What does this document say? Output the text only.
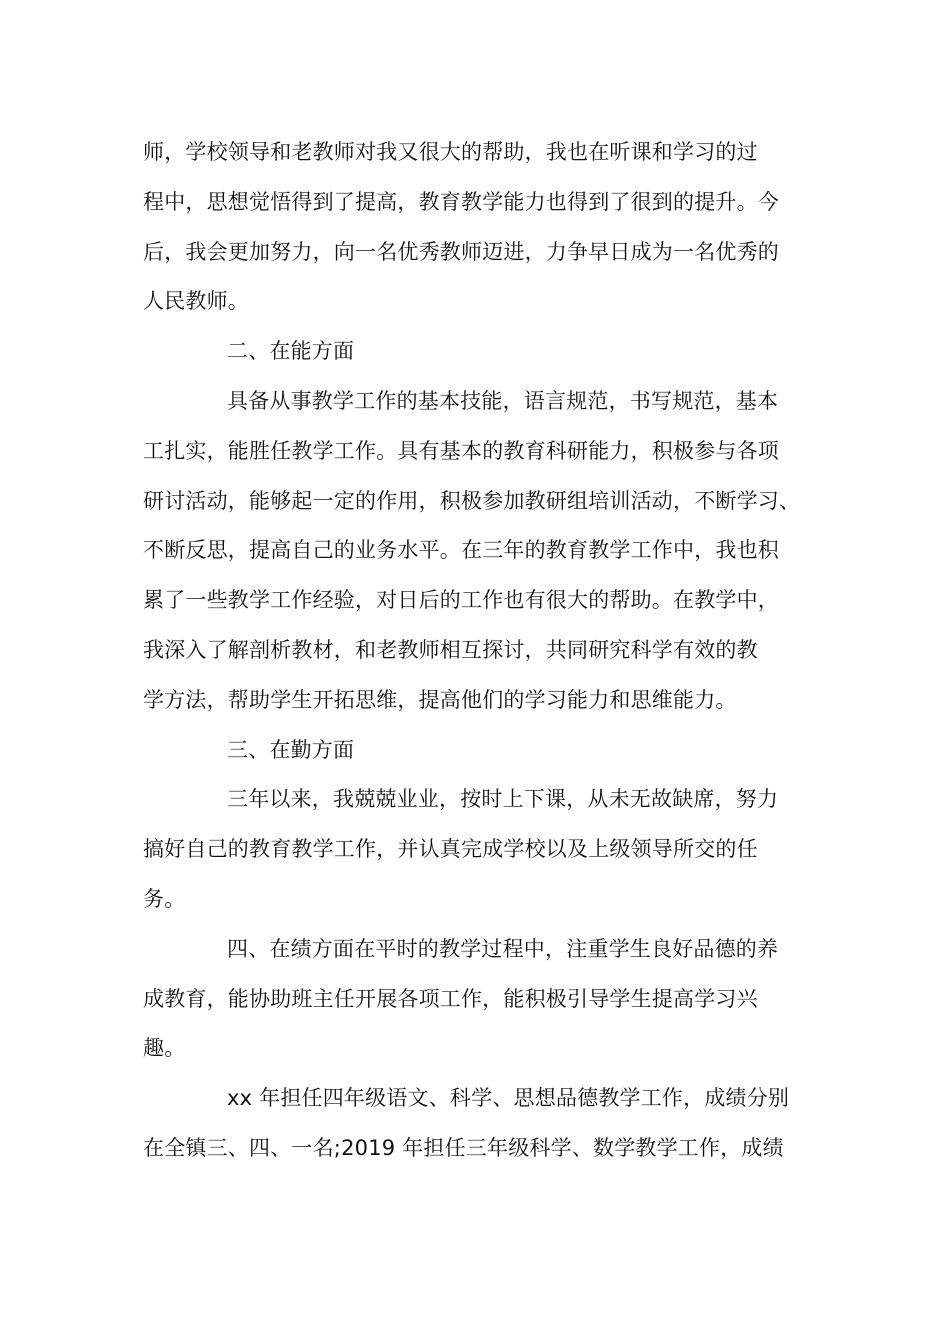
师，学校领导和老教师对我又很大的帮助，我也在听课和学习的过
程中，思想觉悟得到了提高，教育教学能力也得到了很到的提升。今
后，我会更加努力，向一名优秀教师迈进，力争早日成为一名优秀的
人民教师。
二、在能方面
具备从事教学工作的基本技能，语言规范，书写规范，基本
工扎实，能胜任教学工作。具有基本的教育科研能力，积极参与各项
研讨活动，能够起一定的作用，积极参加教研组培训活动，不断学习、
不断反思，提高自己的业务水平。在三年的教育教学工作中，我也积
累了一些教学工作经验，对日后的工作也有很大的帮助。在教学中，
我深入了解剖析教材，和老教师相互探讨，共同研究科学有效的教
学方法，帮助学生开拓思维，提高他们的学习能力和思维能力。
三、在勤方面
三年以来，我兢兢业业，按时上下课，从未无故缺席，努力
搞好自己的教育教学工作，并认真完成学校以及上级领导所交的任
务。
四、在绩方面在平时的教学过程中，注重学生良好品德的养
成教育，能协助班主任开展各项工作，能积极引导学生提高学习兴
趣。
xx 年担任四年级语文、科学、思想品德教学工作，成绩分别
在全镇三、四、一名;2019 年担任三年级科学、数学教学工作，成绩
